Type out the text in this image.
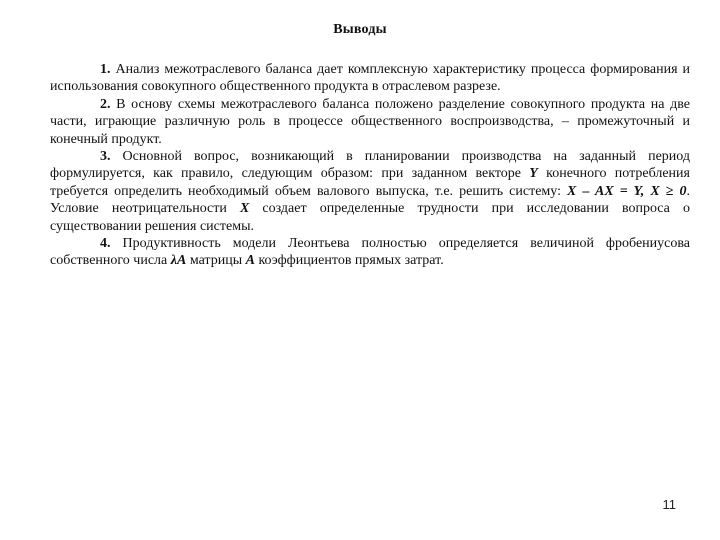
Выводы

1. Анализ межотраслевого баланса дает комплексную характеристику процесса формирования и использования совокупного общественного продукта в отраслевом разрезе.

2. В основу схемы межотраслевого баланса положено разделение совокупного продукта на две части, играющие различную роль в процессе общественного воспроизводства, – промежуточный и конечный продукт.

3. Основной вопрос, возникающий в планировании производства на заданный период формулируется, как правило, следующим образом: при заданном векторе Y конечного потребления требуется определить необходимый объем валового выпуска, т.е. решить систему: X – AX = Y, X ≥ 0. Условие неотрицательности X создает определенные трудности при исследовании вопроса о существовании решения системы.

4. Продуктивность модели Леонтьева полностью определяется величиной фробениусова собственного числа λA матрицы A коэффициентов прямых затрат.

11
